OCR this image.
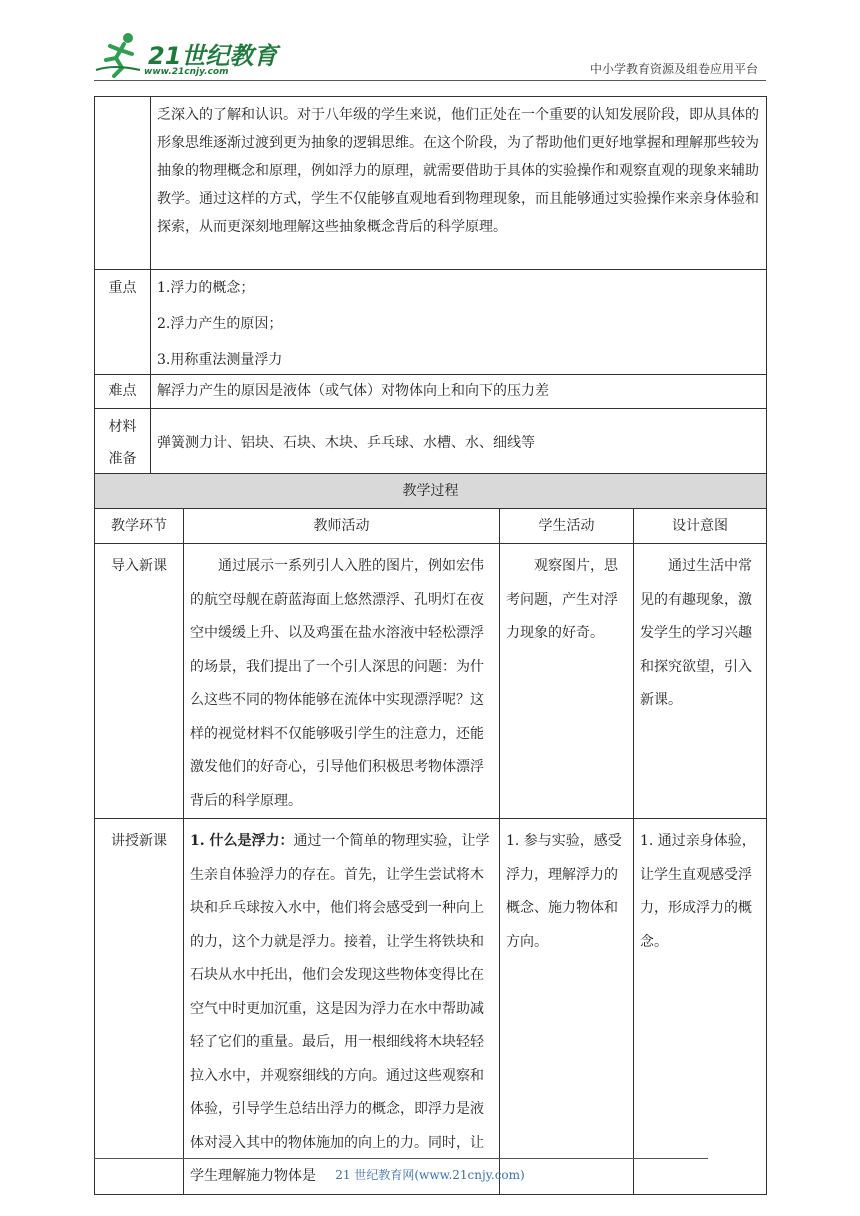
21世纪教育
www.21cnjy.com	中小学教育资源及组卷应用平台
	乏深入的了解和认识。对于八年级的学生来说，他们正处在一个重要的认知发展阶段，即从具体的形象思维逐渐过渡到更为抽象的逻辑思维。在这个阶段，为了帮助他们更好地掌握和理解那些较为抽象的物理概念和原理，例如浮力的原理，就需要借助于具体的实验操作和观察直观的现象来辅助教学。通过这样的方式，学生不仅能够直观地看到物理现象，而且能够通过实验操作来亲身体验和探索，从而更深刻地理解这些抽象概念背后的科学原理。
重点	1.浮力的概念；
2.浮力产生的原因；
3.用称重法测量浮力

难点	解浮力产生的原因是液体（或气体）对物体向上和向下的压力差

材料
准备	弹簧测力计、铝块、石块、木块、乒乓球、水槽、水、细线等
教学过程			
教学环节	教师活动	学生活动	设计意图
导入新课	通过展示一系列引人入胜的图片，例如宏伟的航空母舰在蔚蓝海面上悠然漂浮、孔明灯在夜空中缓缓上升、以及鸡蛋在盐水溶液中轻松漂浮的场景，我们提出了一个引人深思的问题：为什么这些不同的物体能够在流体中实现漂浮呢？这样的视觉材料不仅能够吸引学生的注意力，还能激发他们的好奇心，引导他们积极思考物体漂浮背后的科学原理。	观察图片，思考问题，产生对浮力现象的好奇。	通过生活中常见的有趣现象，激发学生的学习兴趣和探究欲望，引入新课。
讲授新课	1. 什么是浮力：通过一个简单的物理实验，让学生亲自体验浮力的存在。首先，让学生尝试将木块和乒乓球按入水中，他们将会感受到一种向上的力，这个力就是浮力。接着，让学生将铁块和石块从水中托出，他们会发现这些物体变得比在空气中时更加沉重，这是因为浮力在水中帮助减轻了它们的重量。最后，用一根细线将木块轻轻拉入水中，并观察细线的方向。通过这些观察和体验，引导学生总结出浮力的概念，即浮力是液体对浸入其中的物体施加的向上的力。同时，让学生理解施力物体是	1. 参与实验，感受浮力，理解浮力的概念、施力物体和方向。	1. 通过亲身体验，让学生直观感受浮力，形成浮力的概念。
21 世纪教育网(www.21cnjy.com)
